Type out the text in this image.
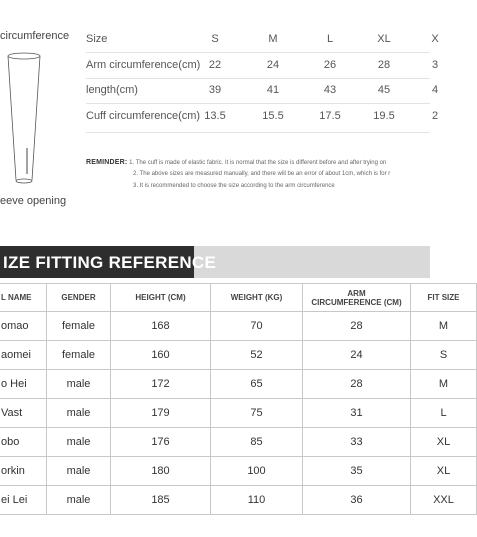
circumference
eeve opening
Size	S	M	L	XL	X
Arm circumference(cm) 22	24	26	28	3
length(cm)	39	41	43	45	4
Cuff circumference(cm) 13.5	15.5	17.5	19.5	2
REMINDER: 1. The cuff is made of elastic fabric. It is normal that the size is different before and after trying on
2. The above sizes are measured manually, and there will be an error of about 1cm, which is for r
3. It is recommended to choose the size according to the arm circumference
IZE FITTING REFERENCE
L NAME	GENDER	HEIGHT (CM)	WEIGHT (KG)	ARM
CIRCUMFERENCE (CM)	FIT SIZE
omao	female	168	70	28	M
aomei	female	160	52	24	S
o Hei	male	172	65	28	M
Vast	male	179	75	31	L
obo	male	176	85	33	XL
orkin	male	180	100	35	XL
ei Lei	male	185	110	36	XXL
